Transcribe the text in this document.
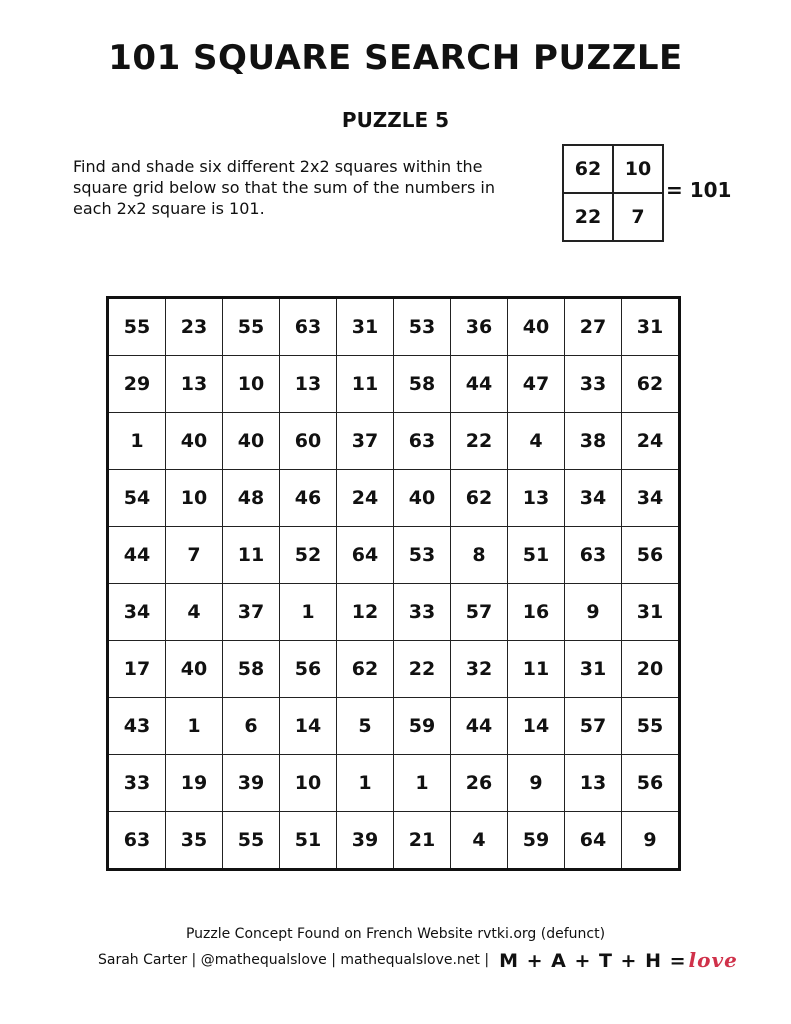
101 SQUARE SEARCH PUZZLE
PUZZLE 5
Find and shade six different 2x2 squares within the square grid below so that the sum of the numbers in each 2x2 square is 101.
62	10
22	7
= 101
55	23	55	63	31	53	36	40	27	31
29	13	10	13	11	58	44	47	33	62
1	40	40	60	37	63	22	4	38	24
54	10	48	46	24	40	62	13	34	34
44	7	11	52	64	53	8	51	63	56
34	4	37	1	12	33	57	16	9	31
17	40	58	56	62	22	32	11	31	20
43	1	6	14	5	59	44	14	57	55
33	19	39	10	1	1	26	9	13	56
63	35	55	51	39	21	4	59	64	9
Puzzle Concept Found on French Website rvtki.org (defunct)
Sarah Carter | @mathequalslove | mathequalslove.net | M + A + T + H = love
